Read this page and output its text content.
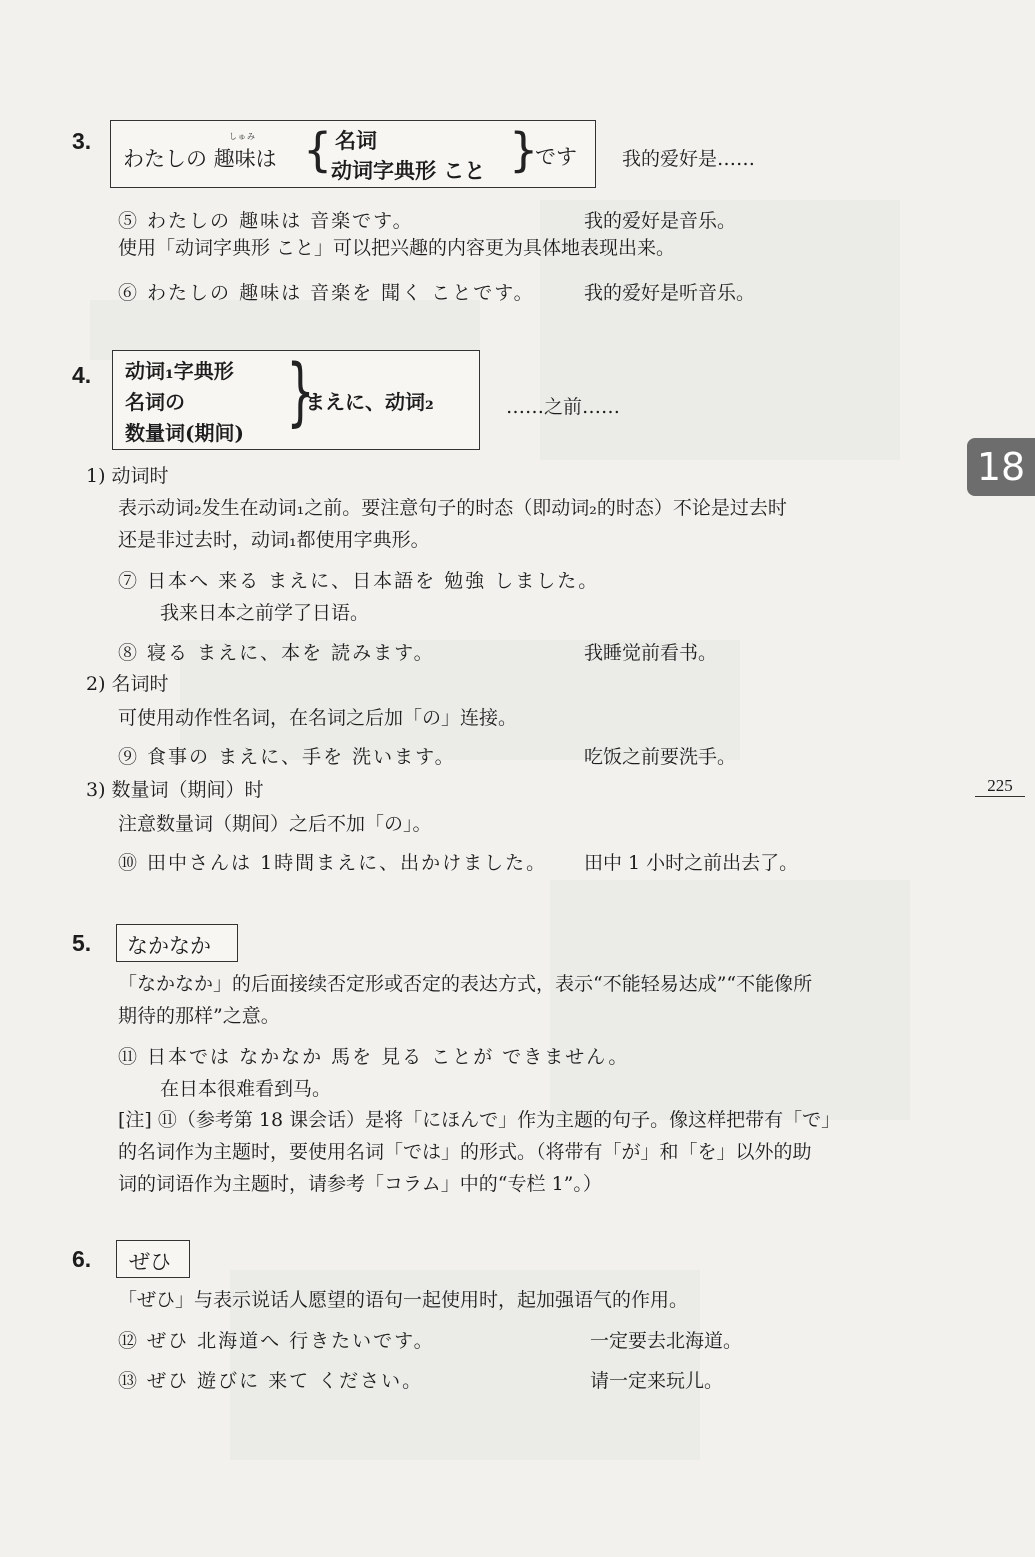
18
225
3.	しゅみ
わたしの 趣味は { 名词
动词字典形 こと }
です 我的爱好是……
⑤ わたしの 趣味は 音楽です。	我的爱好是音乐。
使用「动词字典形 こと」可以把兴趣的内容更为具体地表现出来。
⑥ わたしの 趣味は 音楽を 聞く ことです。	我的爱好是听音乐。
4. 动词₁字典形
名词の
数量词(期间) }
まえに、动词₂	……之前……
1) 动词时
表示动词₂发生在动词₁之前。要注意句子的时态（即动词₂的时态）不论是过去时
还是非过去时，动词₁都使用字典形。
⑦ 日本へ 来る まえに、日本語を 勉強 しました。
我来日本之前学了日语。
⑧ 寝る まえに、本を 読みます。	我睡觉前看书。
2) 名词时
可使用动作性名词，在名词之后加「の」连接。
⑨ 食事の まえに、手を 洗います。	吃饭之前要洗手。
3) 数量词（期间）时
注意数量词（期间）之后不加「の」。
⑩ 田中さんは 1時間まえに、出かけました。 田中 1 小时之前出去了。
5. なかなか
「なかなか」的后面接续否定形或否定的表达方式，表示“不能轻易达成”“不能像所
期待的那样”之意。
⑪ 日本では なかなか 馬を 見る ことが できません。
在日本很难看到马。
[注] ⑪（参考第 18 课会话）是将「にほんで」作为主题的句子。像这样把带有「で」
的名词作为主题时，要使用名词「では」的形式。（将带有「が」和「を」以外的助
词的词语作为主题时，请参考「コラム」中的“专栏 1”。）
6. ぜひ
「ぜひ」与表示说话人愿望的语句一起使用时，起加强语气的作用。
⑫ ぜひ 北海道へ 行きたいです。	一定要去北海道。
⑬ ぜひ 遊びに 来て ください。	请一定来玩儿。
